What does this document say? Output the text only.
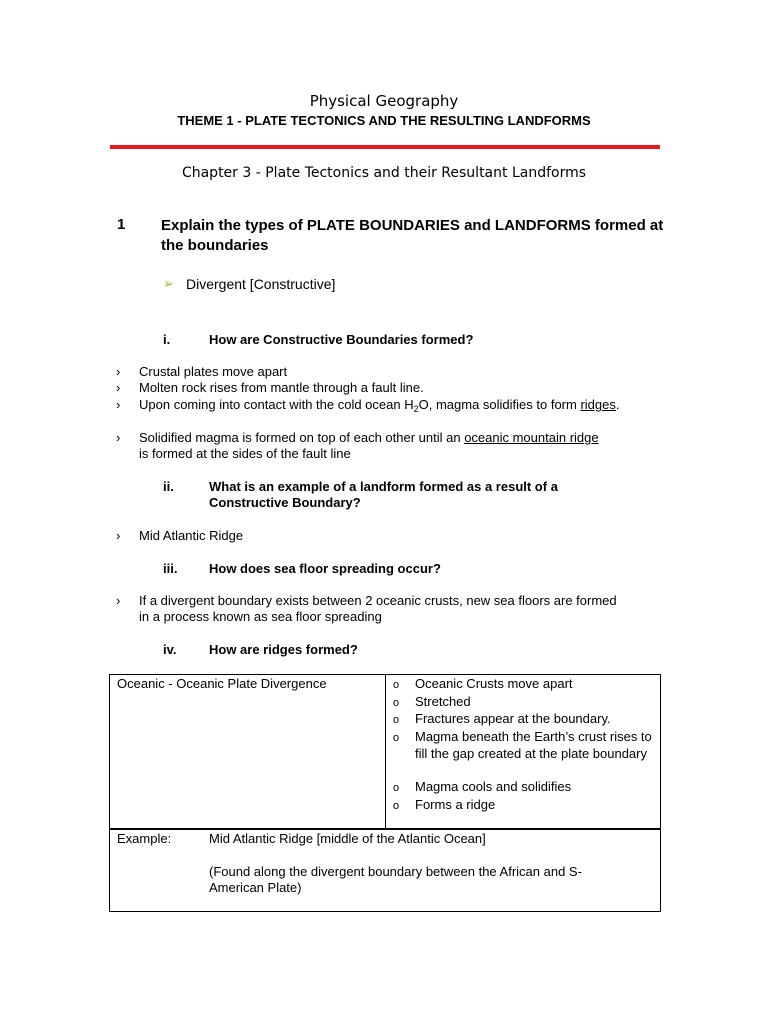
Physical Geography
THEME 1 - PLATE TECTONICS AND THE RESULTING LANDFORMS
Chapter 3 - Plate Tectonics and their Resultant Landforms
1 Explain the types of PLATE BOUNDARIES and LANDFORMS formed at the boundaries
➢ Divergent [Constructive]
i.	How are Constructive Boundaries formed?
› Crustal plates move apart
› Molten rock rises from mantle through a fault line.
› Upon coming into contact with the cold ocean $H_2O$, magma solidifies to form ridges.
› Solidified magma is formed on top of each other until an oceanic mountain ridge
is formed at the sides of the fault line
ii.	What is an example of a landform formed as a result of a Constructive Boundary?
› Mid Atlantic Ridge
iii. How does sea floor spreading occur?
› If a divergent boundary exists between 2 oceanic crusts, new sea floors are formed in a process known as sea floor spreading
iv.	How are ridges formed?
Oceanic - Oceanic Plate Divergence	o Oceanic Crusts move apart
o Stretched
o Fractures appear at the boundary.
o Magma beneath the Earth’s crust rises to fill the gap created at the plate boundary
o Magma cools and solidifies
o Forms a ridge
Example:	Mid Atlantic Ridge [middle of the Atlantic Ocean]
(Found along the divergent boundary between the African and S-American Plate)
